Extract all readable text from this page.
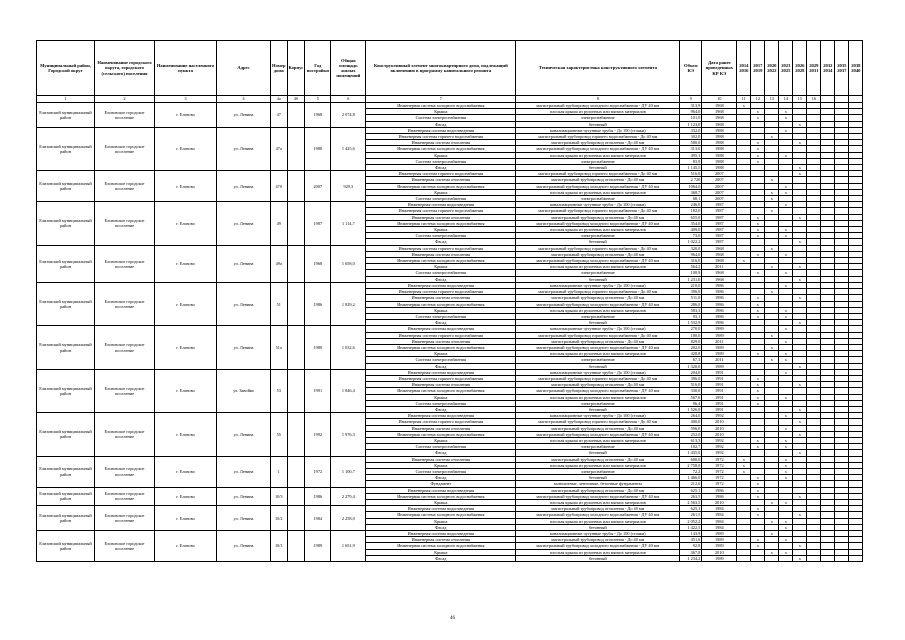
Муниципальный район, Городской округ	Наименование городского округа, городского (сельского) поселения	Наименование населенного пункта	Адрес	Номер дома	Корпус	Год постройки	Общая площадь жилых помещений	Конструктивный элемент многоквартирного дома, подлежащий включению в программу капитального ремонта	Техническая характеристика конструктивного элемента	Объем КЭ	Дата ранее проведенных КР КЭ	2014 2016	2017 2019	2020 2022	2023 2025	2026 2028	2029 2031	2032 2034	2035 2037	2038 2040
1	2	3	4	4а	4б	5	6	7	8	9	10	11	12	13	14	15	16			
Елизовский муниципальный район	Елизовское городское поселение	г. Елизово	ул. Ленина	47		1968	2 074,8	Инженерная система холодного водоснабжения	магистральный трубопровод холодного водоснабжения - ДУ 40 мм	313,9	1968	x								
								Крыша	плоская крыша из рулонных или мягких материалов	964,0	1968		x		x					
								Система электроснабжения	электроснабжение	101,0	1968		x		x					
								Фасад	бетонный	1 123,0	1968					x				
Елизовский муниципальный район	Елизовское городское поселение	г. Елизово	ул. Ленина	47а		1988	1 425,6	Инженерная система водоотведения	канализационные чугунные трубы - До 100 (стояки)	332,0	1988				x					
								Инженерная система горячего водоснабжения	магистральный трубопровод горячего водоснабжения - До 40 мм	302,0	1988			x						
								Инженерная система отопления	магистральный трубопровод отопления - До 40 мм	580,0	1988		x			x				
								Инженерная система холодного водоснабжения	магистральный трубопровод холодного водоснабжения - ДУ 40 мм	313,0	1988		x							
								Крыша	плоская крыша из рулонных или мягких материалов	495,1	1988		x		x					
								Система электроснабжения	электроснабжение	83,9	1988		x							
								Фасад	бетонный	1 145,5	1988					x				
Елизовский муниципальный район	Елизовское городское поселение	г. Елизово	ул. Ленина	47б		2007	929,3	Инженерная система горячего водоснабжения	магистральный трубопровод горячего водоснабжения - До 40 мм	516,0	2007					x				
								Инженерная система отопления	магистральный трубопровод отопления - До 40 мм	2 720	2007			x						
								Инженерная система холодного водоснабжения	магистральный трубопровод холодного водоснабжения - ДУ 40 мм	1064,0	2007				x					
								Крыша	плоская крыша из рулонных или мягких материалов	368,7	2007			x	x					
								Система электроснабжения	электроснабжение	68,1	2007			x						
Елизовский муниципальный район	Елизовское городское поселение	г. Елизово	ул. Ленина	49		1987	1 114,7	Инженерная система водоотведения	канализационные чугунные трубы - До 100 (стояки)	246,0	1987				x					
								Инженерная система горячего водоснабжения	магистральный трубопровод горячего водоснабжения - До 40 мм	182,0	1987			x						
								Инженерная система отопления	магистральный трубопровод отопления - До 40 мм	655,0	1987		x			x				
								Инженерная система холодного водоснабжения	магистральный трубопровод холодного водоснабжения - ДУ 40 мм	354,0	1987		x							
								Крыша	плоская крыша из рулонных или мягких материалов	409,0	1987		x		x					
								Система электроснабжения	электроснабжение	73,0	1987		x		x					
								Фасад	бетонный	1 022,2	1987					x				
Елизовский муниципальный район	Елизовское городское поселение	г. Елизово	ул. Ленина	49а		1968	1 658,0	Инженерная система горячего водоснабжения	магистральный трубопровод горячего водоснабжения - До 40 мм	320,0	1968			x						
								Инженерная система отопления	магистральный трубопровод отопления - До 40 мм	964,0	1968		x		x					
								Инженерная система холодного водоснабжения	магистральный трубопровод холодного водоснабжения - ДУ 40 мм	316,0	1968	x								
								Крыша	плоская крыша из рулонных или мягких материалов	564,2	2011			x		x				
								Система электроснабжения	электроснабжение	100,9	1968		x		x					
								Фасад	бетонный	1 231,0	1968					x				
Елизовский муниципальный район	Елизовское городское поселение	г. Елизово	ул. Ленина	51		1986	1 829,2	Инженерная система водоотведения	канализационные чугунные трубы - До 100 (стояки)	210,0	1986				x					
								Инженерная система горячего водоснабжения	магистральный трубопровод горячего водоснабжения - До 40 мм	396,0	1986			x						
								Инженерная система отопления	магистральный трубопровод отопления - До 40 мм	511,0	1986		x			x				
								Инженерная система холодного водоснабжения	магистральный трубопровод холодного водоснабжения - ДУ 40 мм	286,0	1986		x							
								Крыша	плоская крыша из рулонных или мягких материалов	583,3	1986		x		x					
								Система электроснабжения	электроснабжение	93,1	1986		x		x					
								Фасад	бетонный	1 532,9	1986					x				
Елизовский муниципальный район	Елизовское городское поселение	г. Елизово	ул. Ленина	51а		1989	1 032,6	Инженерная система водоотведения	канализационные чугунные трубы - До 100 (стояки)	270,0	1989				x					
								Инженерная система горячего водоснабжения	магистральный трубопровод горячего водоснабжения - До 40 мм	180,0	1989			x						
								Инженерная система отопления	магистральный трубопровод отопления - До 40 мм	829,0	2011				x					
								Инженерная система холодного водоснабжения	магистральный трубопровод холодного водоснабжения - ДУ 40 мм	202,0	1989			x						
								Крыша	плоская крыша из рулонных или мягких материалов	428,8	1989		x		x					
								Система электроснабжения	электроснабжение	67,3	2011			x	x					
								Фасад	бетонный	1 320,0	1989					x				
Елизовский муниципальный район	Елизовское городское поселение	г. Елизово	ул. Завойко	53		1991	1 846,4	Инженерная система водоотведения	канализационные чугунные трубы - До 100 (стояки)	204,0	1991				x					
								Инженерная система горячего водоснабжения	магистральный трубопровод горячего водоснабжения - До 40 мм	396,0	1991		x							
								Инженерная система отопления	магистральный трубопровод отопления - До 40 мм	516,0	1991		x			x				
								Инженерная система холодного водоснабжения	магистральный трубопровод холодного водоснабжения - ДУ 40 мм	330,0	1991		x							
								Крыша	плоская крыша из рулонных или мягких материалов	567,6	1991		x		x					
								Система электроснабжения	электроснабжение	96,4	1991		x							
								Фасад	бетонный	1 526,0	1991					x				
Елизовский муниципальный район	Елизовское городское поселение	г. Елизово	ул. Ленина	55		1992	1 976,3	Инженерная система водоотведения	канализационные чугунные трубы - До 100 (стояки)	264,0	1992				x					
								Инженерная система горячего водоснабжения	магистральный трубопровод горячего водоснабжения - До 40 мм	400,0	2010					x				
								Инженерная система отопления	магистральный трубопровод отопления - До 40 мм	596,0	2010				x					
								Инженерная система холодного водоснабжения	магистральный трубопровод холодного водоснабжения - ДУ 40 мм	252,0	2010					x				
								Крыша	плоская крыша из рулонных или мягких материалов	613,3	1992		x		x					
								Система электроснабжения	электроснабжение	102,7	1992		x		x					
								Фасад	бетонный	1 435,0	1992					x				
Елизовский муниципальный район	Елизовское городское поселение	г. Елизово	ул. Ленина	1		1972	1 100,7	Инженерная система отопления	магистральный трубопровод отопления - До 40 мм	600,0	1972	x			x					
								Крыша	плоская крыша из рулонных или мягких материалов	2 758,0	1972	x			x					
								Система электроснабжения	электроснабжение	72,2	1972	x			x					
								Фасад	бетонный	1 466,0	1972		x		x					
								Фундамент	монолитные, ленточные, бетонные фундаменты	212,0	1972		x							
Елизовский муниципальный район	Елизовское городское поселение	г. Елизово	ул. Ленина	10/3		1986	2 279,4	Инженерная система водоотведения	магистральный трубопровод отопления - До 40 мм	625,1	1986		x							
								Инженерная система холодного водоснабжения	магистральный трубопровод холодного водоснабжения - ДУ 40 мм	263,5	1986		x			x				
								Крыша	плоская крыша из рулонных или мягких материалов	2 563,5	2010			x	x					
Елизовский муниципальный район	Елизовское городское поселение	г. Елизово	ул. Ленина	10/2		1984	2 258,0	Инженерная система водоотведения	магистральный трубопровод отопления - До 40 мм	625,1	1984		x							
								Инженерная система холодного водоснабжения	магистральный трубопровод холодного водоснабжения - ДУ 40 мм	261,5	1984		x			x				
								Крыша	плоская крыша из рулонных или мягких материалов	2 052,2	1984			x	x					
								Фасад	бетонный	1 422,5	1984				x					
Елизовский муниципальный район	Елизовское городское поселение	г. Елизово	ул. Ленина	10/1		1989	1 651,9	Инженерная система водоотведения	канализационные чугунные трубы - До 100 (стояки)	143,9	1989			x						
								Инженерная система отопления	магистральный трубопровод отопления - До 40 мм	451,6	1989		x		x					
								Инженерная система холодного водоснабжения	магистральный трубопровод холодного водоснабжения - ДУ 40 мм	92,8	1989		x			x				
								Крыша	плоская крыша из рулонных или мягких материалов	367,0	2010			x	x					
								Фасад	бетонный	1 234,2	1989					x				
46
